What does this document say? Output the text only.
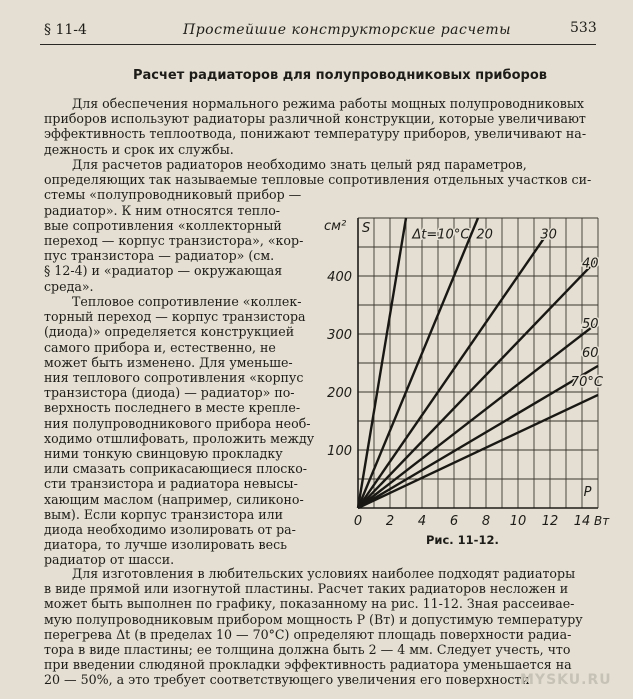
§ 11-4	Простейшие конструкторские расчеты	533
Расчет радиаторов для полупроводниковых приборов
Для обеспечения нормального режима работы мощных полупроводниковых
приборов используют радиаторы различной конструкции, которые увеличивают
эффективность теплоотвода, понижают температуру приборов, увеличивают на-
дежность и срок их службы.
Для расчетов радиаторов необходимо знать целый ряд параметров,
определяющих так называемые тепловые сопротивления отдельных участков си-
стемы «полупроводниковый прибор —
радиатор». К ним относятся тепло-
вые сопротивления «коллекторный
переход — корпус транзистора», «кор-
пус транзистора — радиатор» (см.
§ 12-4) и «радиатор — окружающая
среда».
Тепловое сопротивление «коллек-
торный переход — корпус транзистора
(диода)» определяется конструкцией
самого прибора и, естественно, не
может быть изменено. Для уменьше-
ния теплового сопротивления «корпус
транзистора (диода) — радиатор» по-
верхность последнего в месте крепле-
ния полупроводникового прибора необ-
ходимо отшлифовать, проложить между
ними тонкую свинцовую прокладку
или смазать соприкасающиеся плоско-
сти транзистора и радиатора невысы-
хающим маслом (например, силиконо-
вым). Если корпус транзистора или
диода необходимо изолировать от ра-
диатора, то лучше изолировать весь
радиатор от шасси.
0 2 4 6 8 10 12 14 Вт
100
200
300
400
см² S
P
Δt=10°C 20	30
40
50
60
70°C
Рис. 11-12.
Для изготовления в любительских условиях наиболее подходят радиаторы
в виде прямой или изогнутой пластины. Расчет таких радиаторов несложен и
может быть выполнен по графику, показанному на рис. 11-12. Зная рассеивае-
мую полупроводниковым прибором мощность P (Вт) и допустимую температуру
перегрева Δt (в пределах 10 — 70°C) определяют площадь поверхности радиа-
тора в виде пластины; ее толщина должна быть 2 — 4 мм. Следует учесть, что
при введении слюдяной прокладки эффективность радиатора уменьшается на
20 — 50%, а это требует соответствующего увеличения его поверхности.
MYSKU.RU
